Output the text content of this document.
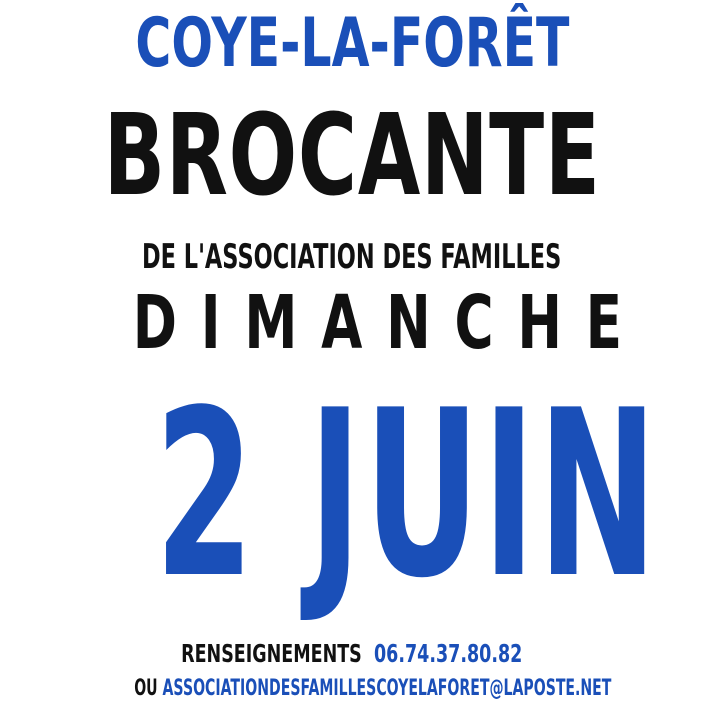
COYE-LA-FORÊT
BROCANTE
DE L'ASSOCIATION DES FAMILLES
DIMANCHE
2 JUIN
RENSEIGNEMENTS 06.74.37.80.82
OU ASSOCIATIONDESFAMILLESCOYELAFORET@LAPOSTE.NET
